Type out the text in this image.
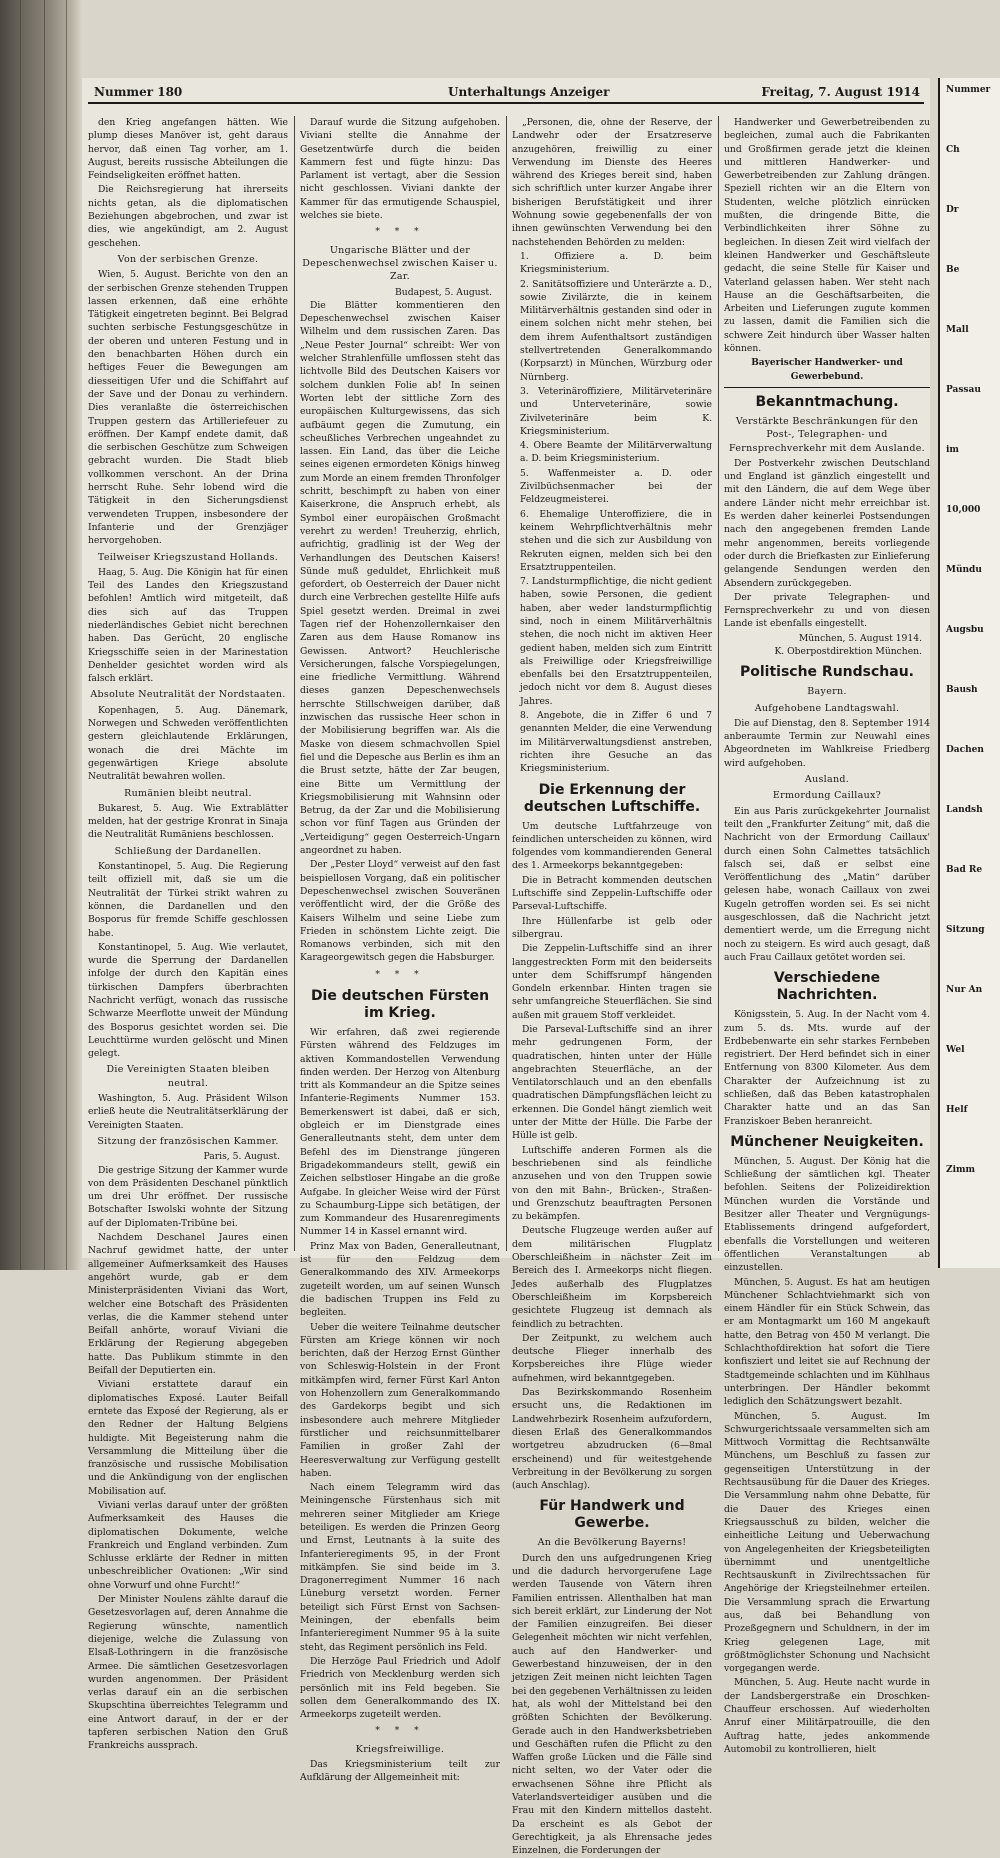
Nummer 180	Unterhaltungs Anzeiger	Freitag, 7. August 1914

den Krieg angefangen hätten. Wie plump dieses Manöver ist, geht daraus hervor, daß einen Tag vorher, am 1. August, bereits russische Abteilungen die Feindseligkeiten eröffnet hatten.

Die Reichsregierung hat ihrerseits nichts getan, als die diplomatischen Beziehungen abgebrochen, und zwar ist dies, wie angekündigt, am 2. August geschehen.

Von der serbischen Grenze.

Wien, 5. August. Berichte von den an der serbischen Grenze stehenden Truppen lassen erkennen, daß eine erhöhte Tätigkeit eingetreten beginnt. Bei Belgrad suchten serbische Festungsgeschütze in der oberen und unteren Festung und in den benachbarten Höhen durch ein heftiges Feuer die Bewegungen am diesseitigen Ufer und die Schiffahrt auf der Save und der Donau zu verhindern. Dies veranlaßte die österreichischen Truppen gestern das Artilleriefeuer zu eröffnen. Der Kampf endete damit, daß die serbischen Geschütze zum Schweigen gebracht wurden. Die Stadt blieb vollkommen verschont. An der Drina herrscht Ruhe. Sehr lobend wird die Tätigkeit in den Sicherungsdienst verwendeten Truppen, insbesondere der Infanterie und der Grenzjäger hervorgehoben.

Teilweiser Kriegszustand Hollands.

Haag, 5. Aug. Die Königin hat für einen Teil des Landes den Kriegszustand befohlen! Amtlich wird mitgeteilt, daß dies sich auf das Truppen niederländisches Gebiet nicht berechnen haben. Das Gerücht, 20 englische Kriegsschiffe seien in der Marinestation Denhelder gesichtet worden wird als falsch erklärt.

Absolute Neutralität der Nordstaaten.

Kopenhagen, 5. Aug. Dänemark, Norwegen und Schweden veröffentlichten gestern gleichlautende Erklärungen, wonach die drei Mächte im gegenwärtigen Kriege absolute Neutralität bewahren wollen.

Rumänien bleibt neutral.

Bukarest, 5. Aug. Wie Extrablätter melden, hat der gestrige Kronrat in Sinaja die Neutralität Rumäniens beschlossen.

Schließung der Dardanellen.

Konstantinopel, 5. Aug. Die Regierung teilt offiziell mit, daß sie um die Neutralität der Türkei strikt wahren zu können, die Dardanellen und den Bosporus für fremde Schiffe geschlossen habe.

Konstantinopel, 5. Aug. Wie verlautet, wurde die Sperrung der Dardanellen infolge der durch den Kapitän eines türkischen Dampfers überbrachten Nachricht verfügt, wonach das russische Schwarze Meerflotte unweit der Mündung des Bosporus gesichtet worden sei. Die Leuchttürme wurden gelöscht und Minen gelegt.

Die Vereinigten Staaten bleiben neutral.

Washington, 5. Aug. Präsident Wilson erließ heute die Neutralitätserklärung der Vereinigten Staaten.

Sitzung der französischen Kammer.
Paris, 5. August.

Die gestrige Sitzung der Kammer wurde von dem Präsidenten Deschanel pünktlich um drei Uhr eröffnet. Der russische Botschafter Iswolski wohnte der Sitzung auf der Diplomaten-Tribüne bei.

Nachdem Deschanel Jaures einen Nachruf gewidmet hatte, der unter allgemeiner Aufmerksamkeit des Hauses angehört wurde, gab er dem Ministerpräsidenten Viviani das Wort, welcher eine Botschaft des Präsidenten verlas, die die Kammer stehend unter Beifall anhörte, worauf Viviani die Erklärung der Regierung abgegeben hatte. Das Publikum stimmte in den Beifall der Deputierten ein.

Viviani erstattete darauf ein diplomatisches Exposé. Lauter Beifall erntete das Exposé der Regierung, als er den Redner der Haltung Belgiens huldigte. Mit Begeisterung nahm die Versammlung die Mitteilung über die französische und russische Mobilisation und die Ankündigung von der englischen Mobilisation auf.

Viviani verlas darauf unter der größten Aufmerksamkeit des Hauses die diplomatischen Dokumente, welche Frankreich und England verbinden. Zum Schlusse erklärte der Redner in mitten unbeschreiblicher Ovationen: „Wir sind ohne Vorwurf und ohne Furcht!“

Der Minister Noulens zählte darauf die Gesetzesvorlagen auf, deren Annahme die Regierung wünschte, namentlich diejenige, welche die Zulassung von Elsaß-Lothringern in die französische Armee. Die sämtlichen Gesetzesvorlagen wurden angenommen. Der Präsident verlas darauf ein an die serbischen Skupschtina überreichtes Telegramm und eine Antwort darauf, in der er der tapferen serbischen Nation den Gruß Frankreichs aussprach.

Darauf wurde die Sitzung aufgehoben. Viviani stellte die Annahme der Gesetzentwürfe durch die beiden Kammern fest und fügte hinzu: Das Parlament ist vertagt, aber die Session nicht geschlossen. Viviani dankte der Kammer für das ermutigende Schauspiel, welches sie biete.

* * *
Ungarische Blätter und der Depeschenwechsel zwischen Kaiser u. Zar.
Budapest, 5. August.

Die Blätter kommentieren den Depeschenwechsel zwischen Kaiser Wilhelm und dem russischen Zaren. Das „Neue Pester Journal“ schreibt: Wer von welcher Strahlenfülle umflossen steht das lichtvolle Bild des Deutschen Kaisers vor solchem dunklen Folie ab! In seinen Worten lebt der sittliche Zorn des europäischen Kulturgewissens, das sich aufbäumt gegen die Zumutung, ein scheußliches Verbrechen ungeahndet zu lassen. Ein Land, das über die Leiche seines eigenen ermordeten Königs hinweg zum Morde an einem fremden Thronfolger schritt, beschimpft zu haben von einer Kaiserkrone, die Anspruch erhebt, als Symbol einer europäischen Großmacht verehrt zu werden! Treuherzig, ehrlich, aufrichtig, gradlinig ist der Weg der Verhandlungen des Deutschen Kaisers! Sünde muß geduldet, Ehrlichkeit muß gefordert, ob Oesterreich der Dauer nicht durch eine Verbrechen gestellte Hilfe aufs Spiel gesetzt werden. Dreimal in zwei Tagen rief der Hohenzollernkaiser den Zaren aus dem Hause Romanow ins Gewissen. Antwort? Heuchlerische Versicherungen, falsche Vorspiegelungen, eine friedliche Vermittlung. Während dieses ganzen Depeschenwechsels herrschte Stillschweigen darüber, daß inzwischen das russische Heer schon in der Mobilisierung begriffen war. Als die Maske von diesem schmachvollen Spiel fiel und die Depesche aus Berlin es ihm an die Brust setzte, hätte der Zar beugen, eine Bitte um Vermittlung der Kriegsmobilisierung mit Wahnsinn oder Betrug, da der Zar und die Mobilisierung schon vor fünf Tagen aus Gründen der „Verteidigung“ gegen Oesterreich-Ungarn angeordnet zu haben.

Der „Pester Lloyd“ verweist auf den fast beispiellosen Vorgang, daß ein politischer Depeschenwechsel zwischen Souveränen veröffentlicht wird, der die Größe des Kaisers Wilhelm und seine Liebe zum Frieden in schönstem Lichte zeigt. Die Romanows verbinden, sich mit den Karageorgewitsch gegen die Habsburger.

* * *
Die deutschen Fürsten im Krieg.

Wir erfahren, daß zwei regierende Fürsten während des Feldzuges im aktiven Kommandostellen Verwendung finden werden. Der Herzog von Altenburg tritt als Kommandeur an die Spitze seines Infanterie-Regiments Nummer 153. Bemerkenswert ist dabei, daß er sich, obgleich er im Dienstgrade eines Generalleutnants steht, dem unter dem Befehl des im Dienstrange jüngeren Brigadekommandeurs stellt, gewiß ein Zeichen selbstloser Hingabe an die große Aufgabe. In gleicher Weise wird der Fürst zu Schaumburg-Lippe sich betätigen, der zum Kommandeur des Husarenregiments Nummer 14 in Kassel ernannt wird.

Prinz Max von Baden, Generalleutnant, ist für den Feldzug dem Generalkommando des XIV. Armeekorps zugeteilt worden, um auf seinen Wunsch die badischen Truppen ins Feld zu begleiten.

Ueber die weitere Teilnahme deutscher Fürsten am Kriege können wir noch berichten, daß der Herzog Ernst Günther von Schleswig-Holstein in der Front mitkämpfen wird, ferner Fürst Karl Anton von Hohenzollern zum Generalkommando des Gardekorps begibt und sich insbesondere auch mehrere Mitglieder fürstlicher und reichsunmittelbarer Familien in großer Zahl der Heeresverwaltung zur Verfügung gestellt haben.

Nach einem Telegramm wird das Meiningensche Fürstenhaus sich mit mehreren seiner Mitglieder am Kriege beteiligen. Es werden die Prinzen Georg und Ernst, Leutnants à la suite des Infanterieregiments 95, in der Front mitkämpfen. Sie sind beide im 3. Dragonerregiment Nummer 16 nach Lüneburg versetzt worden. Ferner beteiligt sich Fürst Ernst von Sachsen-Meiningen, der ebenfalls beim Infanterieregiment Nummer 95 à la suite steht, das Regiment persönlich ins Feld.

Die Herzöge Paul Friedrich und Adolf Friedrich von Mecklenburg werden sich persönlich mit ins Feld begeben. Sie sollen dem Generalkommando des IX. Armeekorps zugeteilt werden.

* * *
Kriegsfreiwillige.

Das Kriegsministerium teilt zur Aufklärung der Allgemeinheit mit:

„Personen, die, ohne der Reserve, der Landwehr oder der Ersatzreserve anzugehören, freiwillig zu einer Verwendung im Dienste des Heeres während des Krieges bereit sind, haben sich schriftlich unter kurzer Angabe ihrer bisherigen Berufstätigkeit und ihrer Wohnung sowie gegebenenfalls der von ihnen gewünschten Verwendung bei den nachstehenden Behörden zu melden:

1. Offiziere a. D. beim Kriegsministerium.
2. Sanitätsoffiziere und Unterärzte a. D., sowie Zivilärzte, die in keinem Militärverhältnis gestanden sind oder in einem solchen nicht mehr stehen, bei dem ihrem Aufenthaltsort zuständigen stellvertretenden Generalkommando (Korpsarzt) in München, Würzburg oder Nürnberg.
3. Veterinäroffiziere, Militärveterinäre und Unterveterinäre, sowie Zivilveterinäre beim K. Kriegsministerium.
4. Obere Beamte der Militärverwaltung a. D. beim Kriegsministerium.
5. Waffenmeister a. D. oder Zivilbüchsenmacher bei der Feldzeugmeisterei.
6. Ehemalige Unteroffiziere, die in keinem Wehrpflichtverhältnis mehr stehen und die sich zur Ausbildung von Rekruten eignen, melden sich bei den Ersatztruppenteilen.
7. Landsturmpflichtige, die nicht gedient haben, sowie Personen, die gedient haben, aber weder landsturmpflichtig sind, noch in einem Militärverhältnis stehen, die noch nicht im aktiven Heer gedient haben, melden sich zum Eintritt als Freiwillige oder Kriegsfreiwillige ebenfalls bei den Ersatztruppenteilen, jedoch nicht vor dem 8. August dieses Jahres.
8. Angebote, die in Ziffer 6 und 7 genannten Melder, die eine Verwendung im Militärverwaltungsdienst anstreben, richten ihre Gesuche an das Kriegsministerium.
Die Erkennung der deutschen Luftschiffe.

Um deutsche Luftfahrzeuge von feindlichen unterscheiden zu können, wird folgendes vom kommandierenden General des 1. Armeekorps bekanntgegeben:

Die in Betracht kommenden deutschen Luftschiffe sind Zeppelin-Luftschiffe oder Parseval-Luftschiffe.

Ihre Hüllenfarbe ist gelb oder silbergrau.

Die Zeppelin-Luftschiffe sind an ihrer langgestreckten Form mit den beiderseits unter dem Schiffsrumpf hängenden Gondeln erkennbar. Hinten tragen sie sehr umfangreiche Steuerflächen. Sie sind außen mit grauem Stoff verkleidet.

Die Parseval-Luftschiffe sind an ihrer mehr gedrungenen Form, der quadratischen, hinten unter der Hülle angebrachten Steuerfläche, an der Ventilatorschlauch und an den ebenfalls quadratischen Dämpfungsflächen leicht zu erkennen. Die Gondel hängt ziemlich weit unter der Mitte der Hülle. Die Farbe der Hülle ist gelb.

Luftschiffe anderen Formen als die beschriebenen sind als feindliche anzusehen und von den Truppen sowie von den mit Bahn-, Brücken-, Straßen- und Grenzschutz beauftragten Personen zu bekämpfen.

Deutsche Flugzeuge werden außer auf dem militärischen Flugplatz Oberschleißheim in nächster Zeit im Bereich des I. Armeekorps nicht fliegen. Jedes außerhalb des Flugplatzes Oberschleißheim im Korpsbereich gesichtete Flugzeug ist demnach als feindlich zu betrachten.

Der Zeitpunkt, zu welchem auch deutsche Flieger innerhalb des Korpsbereiches ihre Flüge wieder aufnehmen, wird bekanntgegeben.

Das Bezirkskommando Rosenheim ersucht uns, die Redaktionen im Landwehrbezirk Rosenheim aufzufordern, diesen Erlaß des Generalkommandos wortgetreu abzudrucken (6—8mal erscheinend) und für weitestgehende Verbreitung in der Bevölkerung zu sorgen (auch Anschlag).

Für Handwerk und Gewerbe.
An die Bevölkerung Bayerns!

Durch den uns aufgedrungenen Krieg und die dadurch hervorgerufene Lage werden Tausende von Vätern ihren Familien entrissen. Allenthalben hat man sich bereit erklärt, zur Linderung der Not der Familien einzugreifen. Bei dieser Gelegenheit möchten wir nicht verfehlen, auch auf den Handwerker- und Gewerbestand hinzuweisen, der in den jetzigen Zeit meinen nicht leichten Tagen bei den gegebenen Verhältnissen zu leiden hat, als wohl der Mittelstand bei den größten Schichten der Bevölkerung. Gerade auch in den Handwerksbetrieben und Geschäften rufen die Pflicht zu den Waffen große Lücken und die Fälle sind nicht selten, wo der Vater oder die erwachsenen Söhne ihre Pflicht als Vaterlandsverteidiger ausüben und die Frau mit den Kindern mittellos dasteht. Da erscheint es als Gebot der Gerechtigkeit, ja als Ehrensache jedes Einzelnen, die Forderungen der

Handwerker und Gewerbetreibenden zu begleichen, zumal auch die Fabrikanten und Großfirmen gerade jetzt die kleinen und mittleren Handwerker- und Gewerbetreibenden zur Zahlung drängen. Speziell richten wir an die Eltern von Studenten, welche plötzlich einrücken mußten, die dringende Bitte, die Verbindlichkeiten ihrer Söhne zu begleichen. In diesen Zeit wird vielfach der kleinen Handwerker und Geschäftsleute gedacht, die seine Stelle für Kaiser und Vaterland gelassen haben. Wer steht nach Hause an die Geschäftsarbeiten, die Arbeiten und Lieferungen zugute kommen zu lassen, damit die Familien sich die schwere Zeit hindurch über Wasser halten können.

Bayerischer Handwerker- und Gewerbebund.
Bekanntmachung.
Verstärkte Beschränkungen für den Post-, Telegraphen- und Fernsprechverkehr mit dem Auslande.

Der Postverkehr zwischen Deutschland und England ist gänzlich eingestellt und mit den Ländern, die auf dem Wege über andere Länder nicht mehr erreichbar ist. Es werden daher keinerlei Postsendungen nach den angegebenen fremden Lande mehr angenommen, bereits vorliegende oder durch die Briefkasten zur Einlieferung gelangende Sendungen werden den Absendern zurückgegeben.

Der private Telegraphen- und Fernsprechverkehr zu und von diesen Lande ist ebenfalls eingestellt.

München, 5. August 1914.
K. Oberpostdirektion München.
Politische Rundschau.
Bayern.
Aufgehobene Landtagswahl.

Die auf Dienstag, den 8. September 1914 anberaumte Termin zur Neuwahl eines Abgeordneten im Wahlkreise Friedberg wird aufgehoben.

Ausland.
Ermordung Caillaux?

Ein aus Paris zurückgekehrter Journalist teilt den „Frankfurter Zeitung“ mit, daß die Nachricht von der Ermordung Caillaux' durch einen Sohn Calmettes tatsächlich falsch sei, daß er selbst eine Veröffentlichung des „Matin“ darüber gelesen habe, wonach Caillaux von zwei Kugeln getroffen worden sei. Es sei nicht ausgeschlossen, daß die Nachricht jetzt dementiert werde, um die Erregung nicht noch zu steigern. Es wird auch gesagt, daß auch Frau Caillaux getötet worden sei.

Verschiedene Nachrichten.

Königsstein, 5. Aug. In der Nacht vom 4. zum 5. ds. Mts. wurde auf der Erdbebenwarte ein sehr starkes Fernbeben registriert. Der Herd befindet sich in einer Entfernung von 8300 Kilometer. Aus dem Charakter der Aufzeichnung ist zu schließen, daß das Beben katastrophalen Charakter hatte und an das San Franziskoer Beben heranreicht.

Münchener Neuigkeiten.

München, 5. August. Der König hat die Schließung der sämtlichen kgl. Theater befohlen. Seitens der Polizeidirektion München wurden die Vorstände und Besitzer aller Theater und Vergnügungs-Etablissements dringend aufgefordert, ebenfalls die Vorstellungen und weiteren öffentlichen Veranstaltungen ab einzustellen.

München, 5. August. Es hat am heutigen Münchener Schlachtviehmarkt sich von einem Händler für ein Stück Schwein, das er am Montagmarkt um 160 M angekauft hatte, den Betrag von 450 M verlangt. Die Schlachthofdirektion hat sofort die Tiere konfisziert und leitet sie auf Rechnung der Stadtgemeinde schlachten und im Kühlhaus unterbringen. Der Händler bekommt lediglich den Schätzungswert bezahlt.

München, 5. August. Im Schwurgerichtssaale versammelten sich am Mittwoch Vormittag die Rechtsanwälte Münchens, um Beschluß zu fassen zur gegenseitigen Unterstützung in der Rechtsausübung für die Dauer des Krieges. Die Versammlung nahm ohne Debatte, für die Dauer des Krieges einen Kriegsausschuß zu bilden, welcher die einheitliche Leitung und Ueberwachung von Angelegenheiten der Kriegsbeteiligten übernimmt und unentgeltliche Rechtsauskunft in Zivilrechtssachen für Angehörige der Kriegsteilnehmer erteilen. Die Versammlung sprach die Erwartung aus, daß bei Behandlung von Prozeßgegnern und Schuldnern, in der im Krieg gelegenen Lage, mit größtmöglichster Schonung und Nachsicht vorgegangen werde.

München, 5. Aug. Heute nacht wurde in der Landsbergerstraße ein Droschken-Chauffeur erschossen. Auf wiederholten Anruf einer Militärpatrouille, die den Auftrag hatte, jedes ankommende Automobil zu kontrollieren, hielt

Nummer
Ch
Dr
Be
Mall
Passau
im
10,000
Mündu
Augsbu
Baush
Dachen
Landsh
Bad Re
Sitzung
Nur An
Wel
Helf
Zimm
